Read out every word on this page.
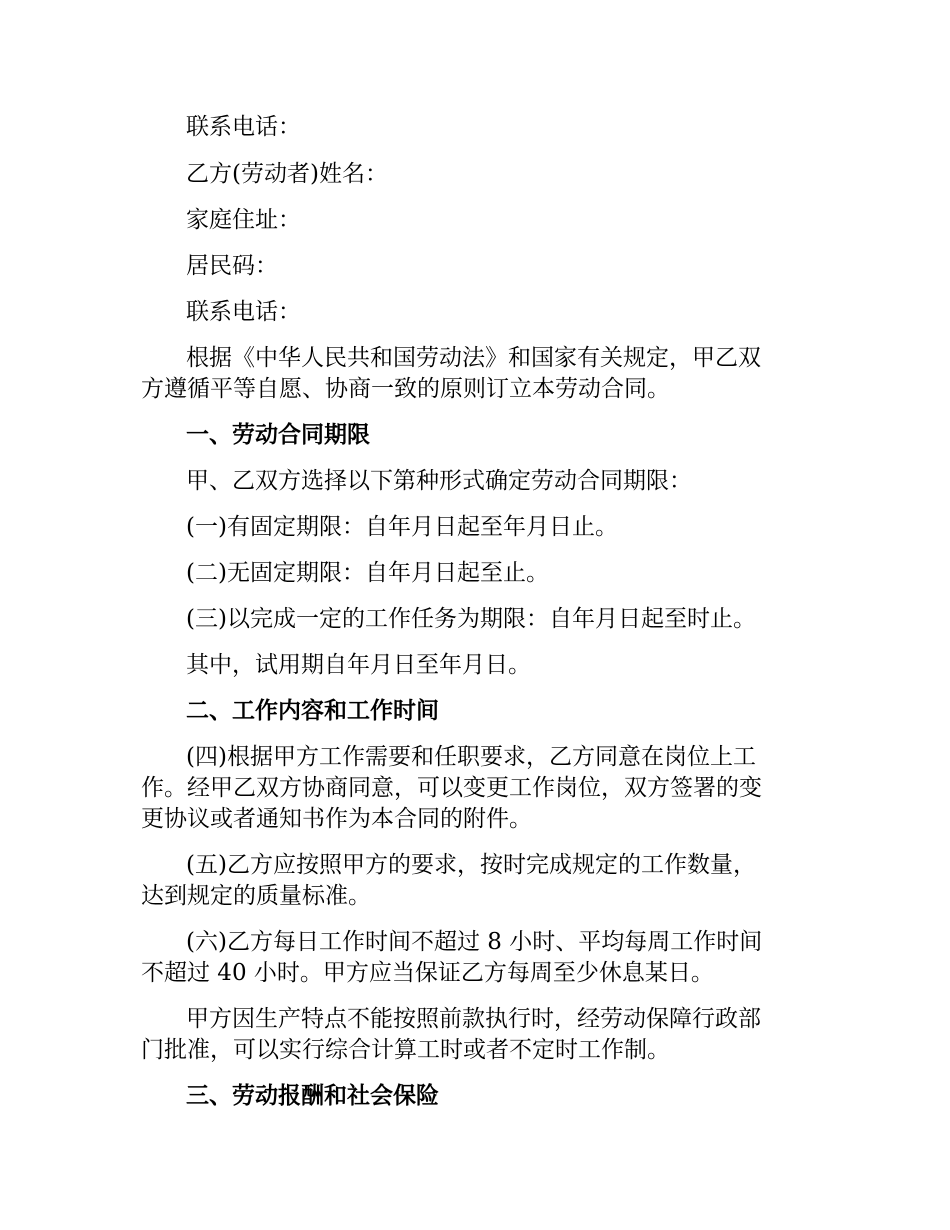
联系电话：
乙方(劳动者)姓名：
家庭住址：
居民码：
联系电话：
根据《中华人民共和国劳动法》和国家有关规定，甲乙双
方遵循平等自愿、协商一致的原则订立本劳动合同。
一、劳动合同期限
甲、乙双方选择以下第种形式确定劳动合同期限：
(一)有固定期限：自年月日起至年月日止。
(二)无固定期限：自年月日起至止。
(三)以完成一定的工作任务为期限：自年月日起至时止。
其中，试用期自年月日至年月日。
二、工作内容和工作时间
(四)根据甲方工作需要和任职要求，乙方同意在岗位上工
作。经甲乙双方协商同意，可以变更工作岗位，双方签署的变
更协议或者通知书作为本合同的附件。
(五)乙方应按照甲方的要求，按时完成规定的工作数量，
达到规定的质量标准。
(六)乙方每日工作时间不超过 8 小时、平均每周工作时间
不超过 40 小时。甲方应当保证乙方每周至少休息某日。
甲方因生产特点不能按照前款执行时，经劳动保障行政部
门批准，可以实行综合计算工时或者不定时工作制。
三、劳动报酬和社会保险
